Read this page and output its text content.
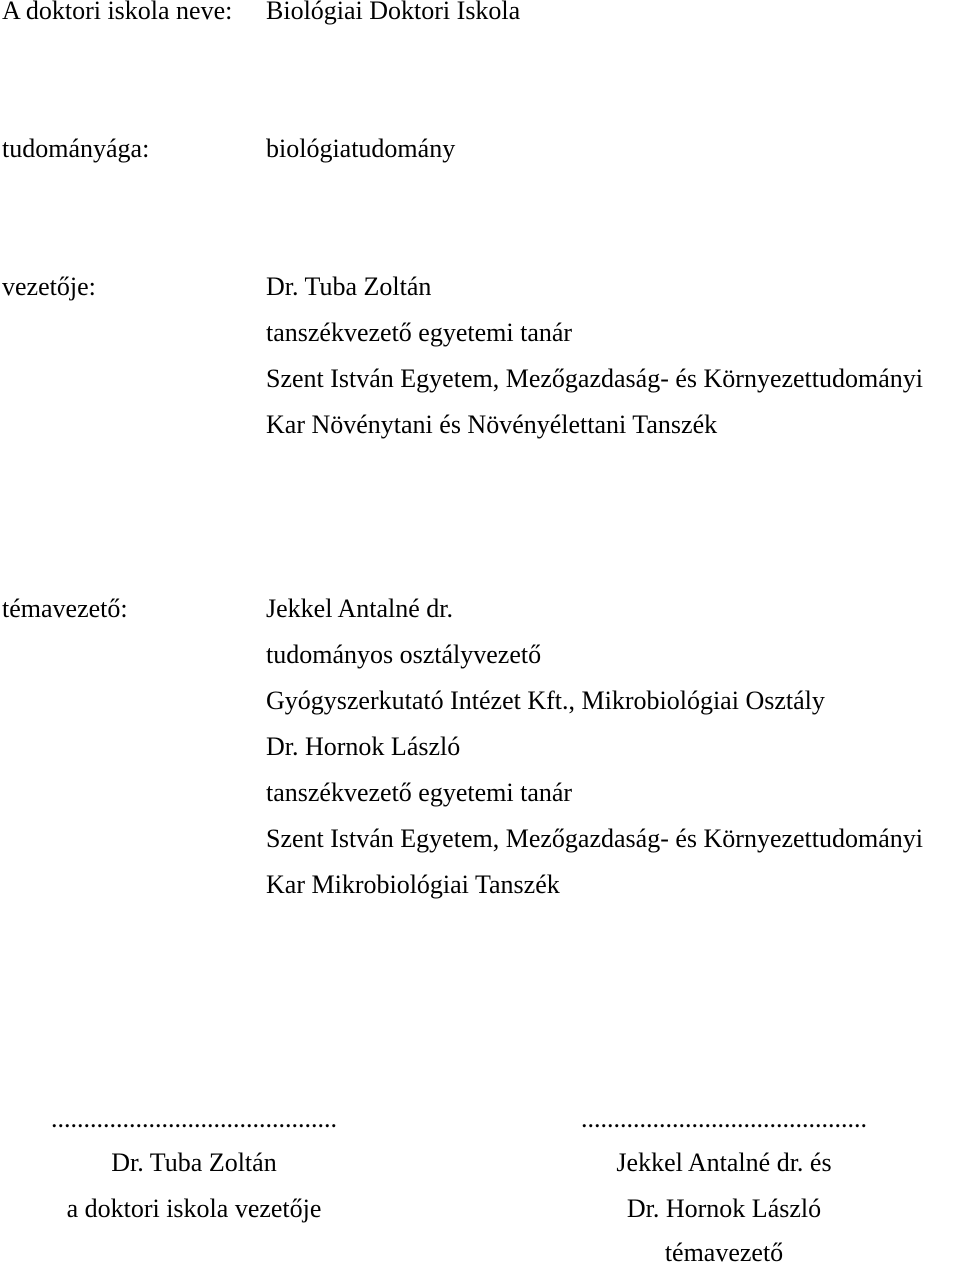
A doktori iskola neve: Biológiai Doktori Iskola
tudományága:	biológiatudomány
vezetője:	Dr. Tuba Zoltán
tanszékvezető egyetemi tanár
Szent István Egyetem, Mezőgazdaság- és Környezettudományi
Kar Növénytani és Növényélettani Tanszék
témavezető:	Jekkel Antalné dr.
tudományos osztályvezető
Gyógyszerkutató Intézet Kft., Mikrobiológiai Osztály
Dr. Hornok László
tanszékvezető egyetemi tanár
Szent István Egyetem, Mezőgazdaság- és Környezettudományi
Kar Mikrobiológiai Tanszék
............................................
Dr. Tuba Zoltán
a doktori iskola vezetője
............................................
Jekkel Antalné dr. és
Dr. Hornok László
témavezető
